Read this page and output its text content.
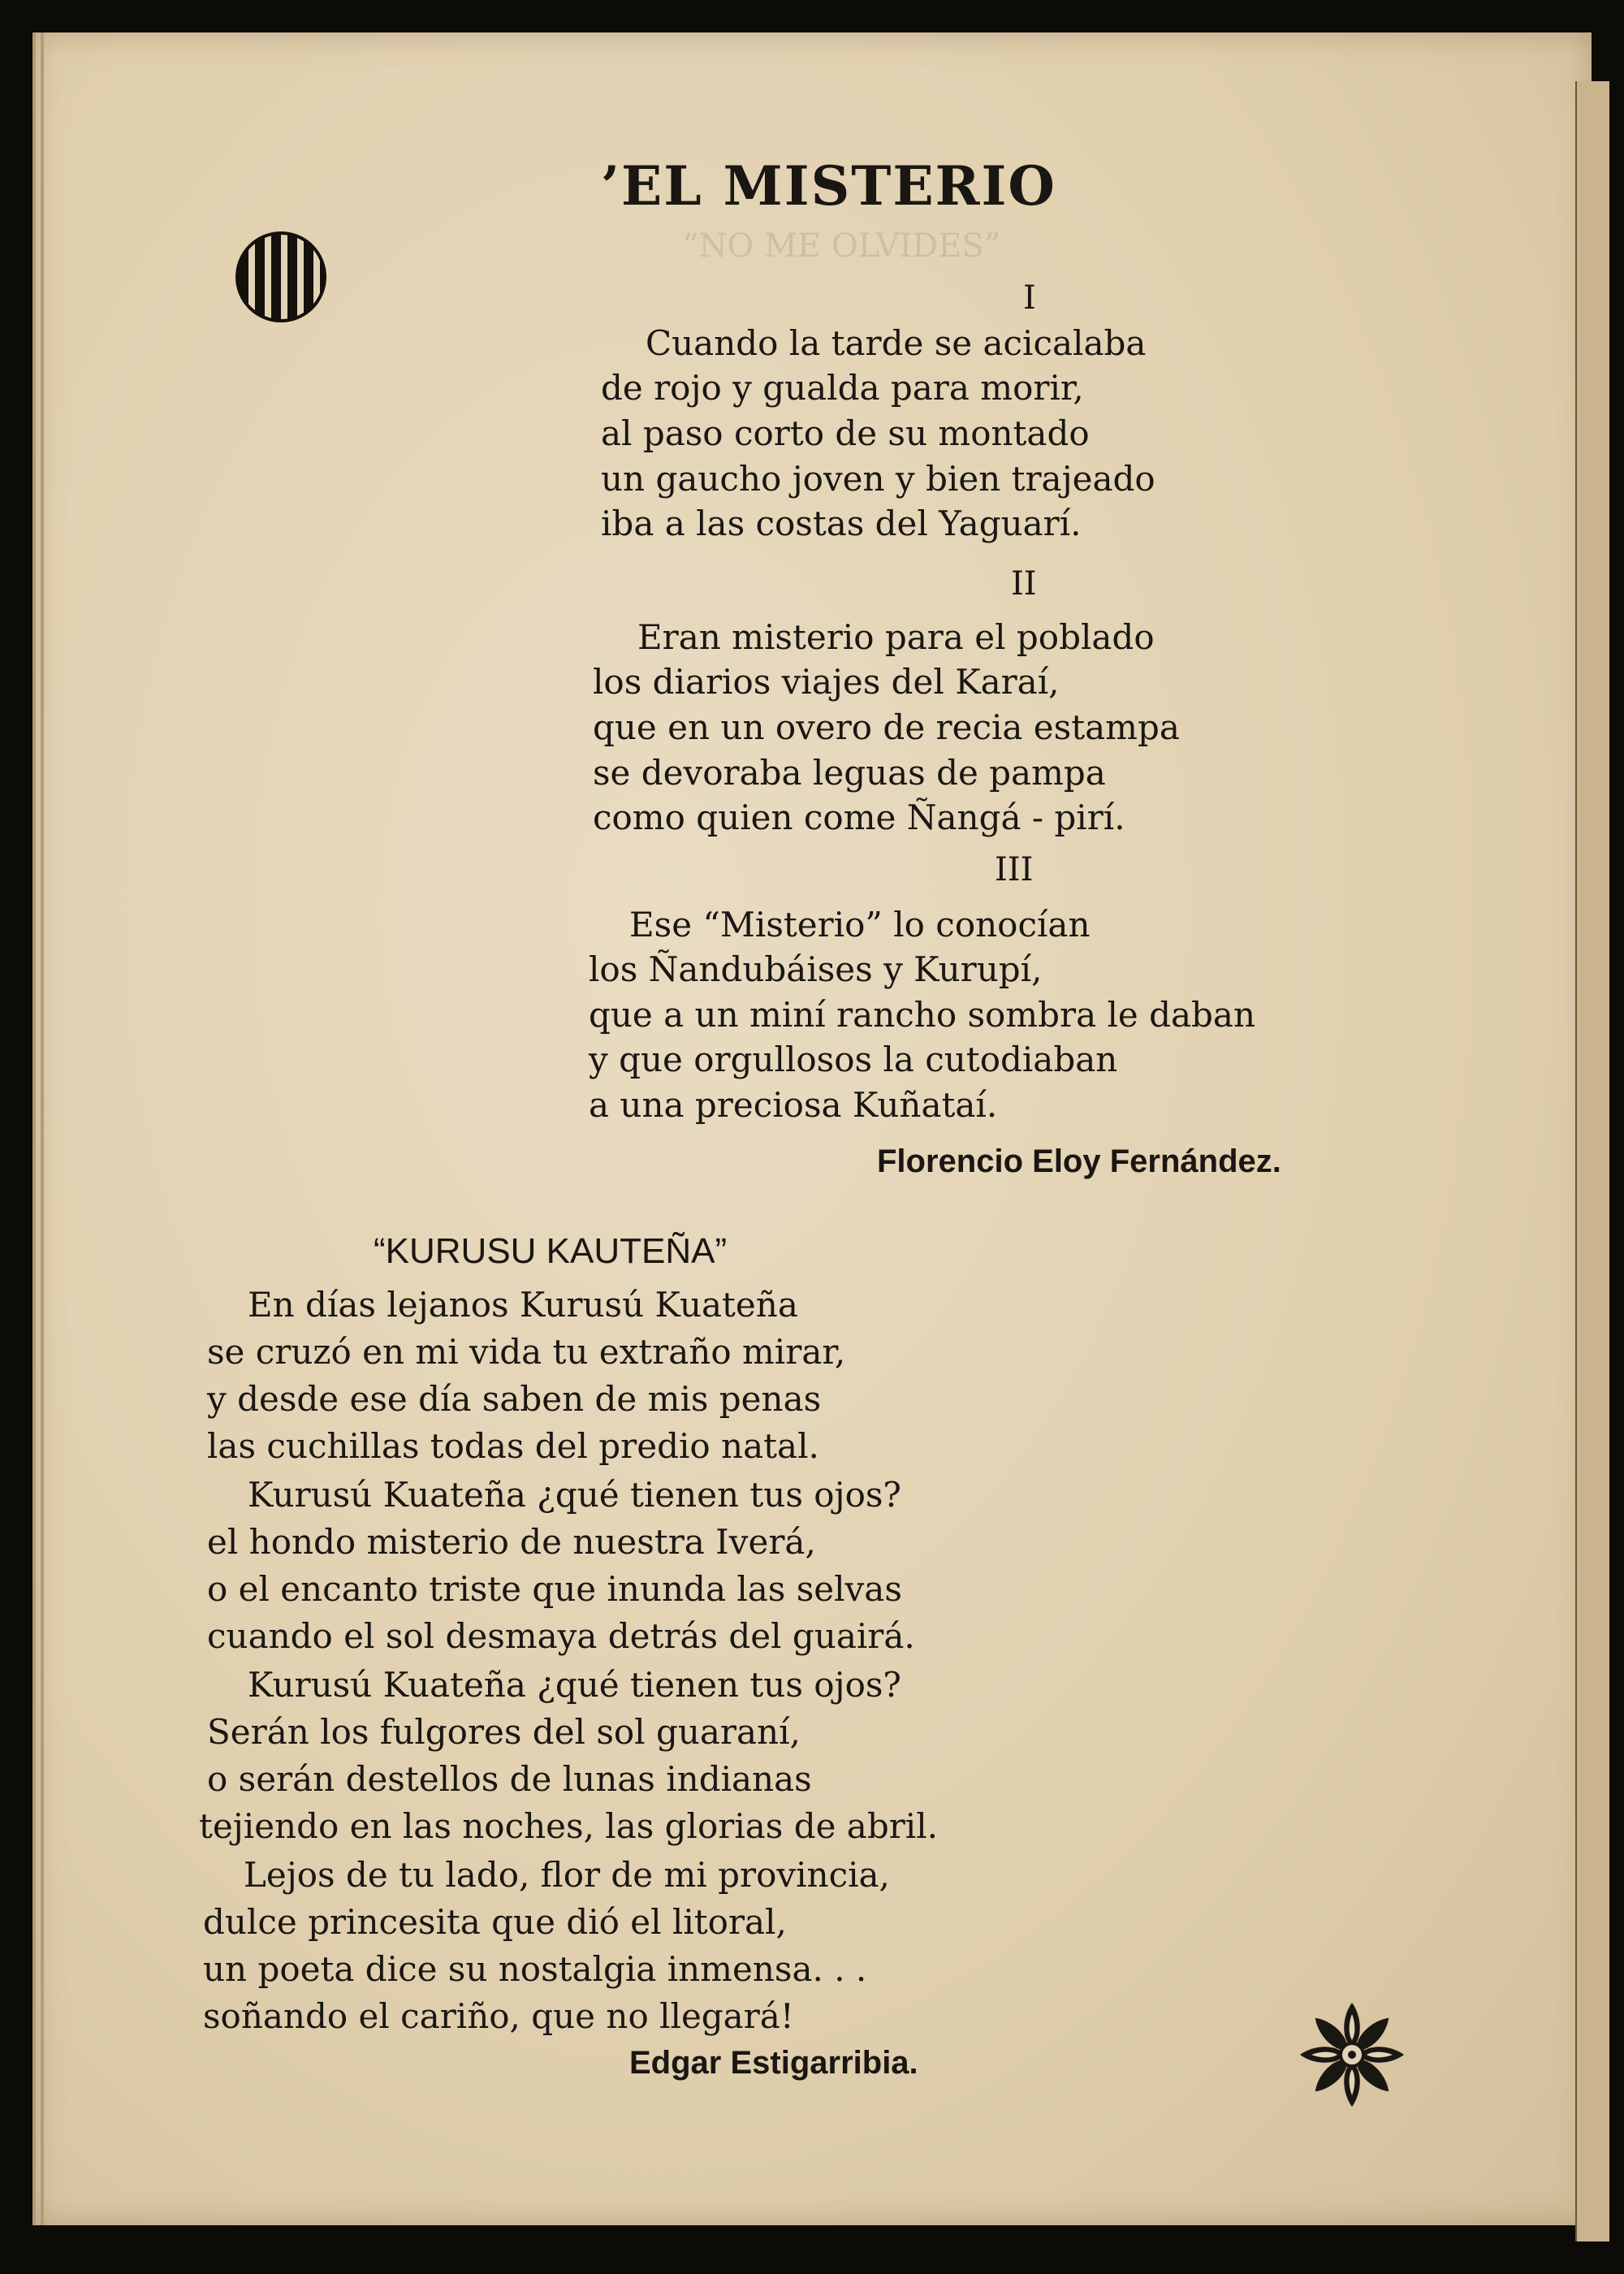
“NO ME OLVIDES”
’EL MISTERIO

I

Cuando la tarde se acicalaba

de rojo y gualda para morir,

al paso corto de su montado

un gaucho joven y bien trajeado

iba a las costas del Yaguarí.

II

Eran misterio para el poblado

los diarios viajes del Karaí,

que en un overo de recia estampa

se devoraba leguas de pampa

como quien come Ñangá - pirí.

III

Ese “Misterio” lo conocían

los Ñandubáises y Kurupí,

que a un miní rancho sombra le daban

y que orgullosos la cutodiaban

a una preciosa Kuñataí.

Florencio Eloy Fernández.

“KURUSU KAUTEÑA”

En días lejanos Kurusú Kuateña

se cruzó en mi vida tu extraño mirar,

y desde ese día saben de mis penas

las cuchillas todas del predio natal.

Kurusú Kuateña ¿qué tienen tus ojos?

el hondo misterio de nuestra Iverá,

o el encanto triste que inunda las selvas

cuando el sol desmaya detrás del guairá.

Kurusú Kuateña ¿qué tienen tus ojos?

Serán los fulgores del sol guaraní,

o serán destellos de lunas indianas

tejiendo en las noches, las glorias de abril.

Lejos de tu lado, flor de mi provincia,

dulce princesita que dió el litoral,

un poeta dice su nostalgia inmensa. . .

soñando el cariño, que no llegará!

Edgar Estigarribia.
